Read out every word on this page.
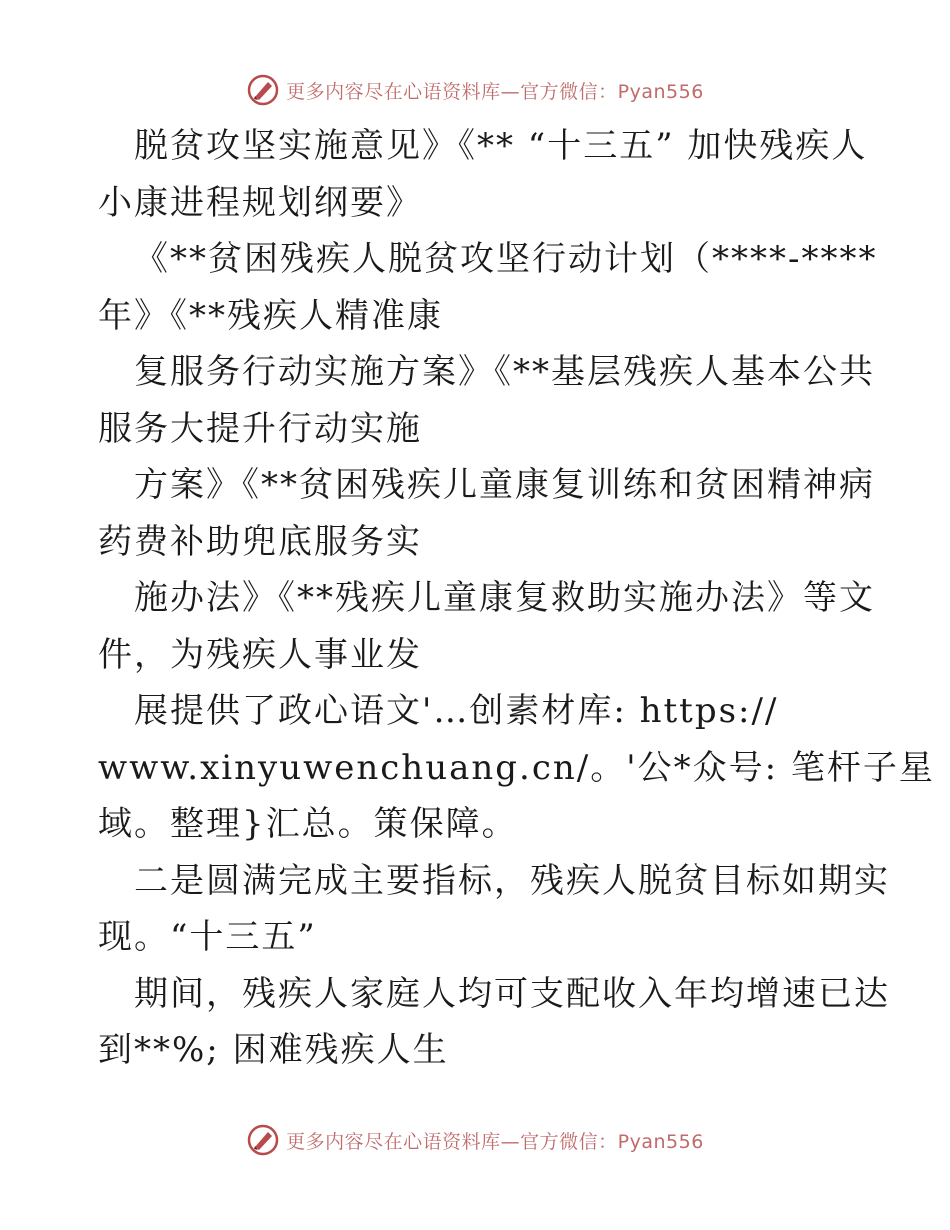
更多内容尽在心语资料库—官方微信：Pyan556
脱贫攻坚实施意见》《** “十三五” 加快残疾人
小康进程规划纲要》
《**贫困残疾人脱贫攻坚行动计划（****-****
年》《**残疾人精准康
复服务行动实施方案》《**基层残疾人基本公共
服务大提升行动实施
方案》《**贫困残疾儿童康复训练和贫困精神病
药费补助兜底服务实
施办法》《**残疾儿童康复救助实施办法》等文
件，为残疾人事业发
展提供了政心语文'…创素材库: https://
www.xinyuwenchuang.cn/。'公*众号: 笔杆子星
域。整理}汇总。策保障。
二是圆满完成主要指标，残疾人脱贫目标如期实
现。“十三五”
期间，残疾人家庭人均可支配收入年均增速已达
到**%; 困难残疾人生
更多内容尽在心语资料库—官方微信：Pyan556
